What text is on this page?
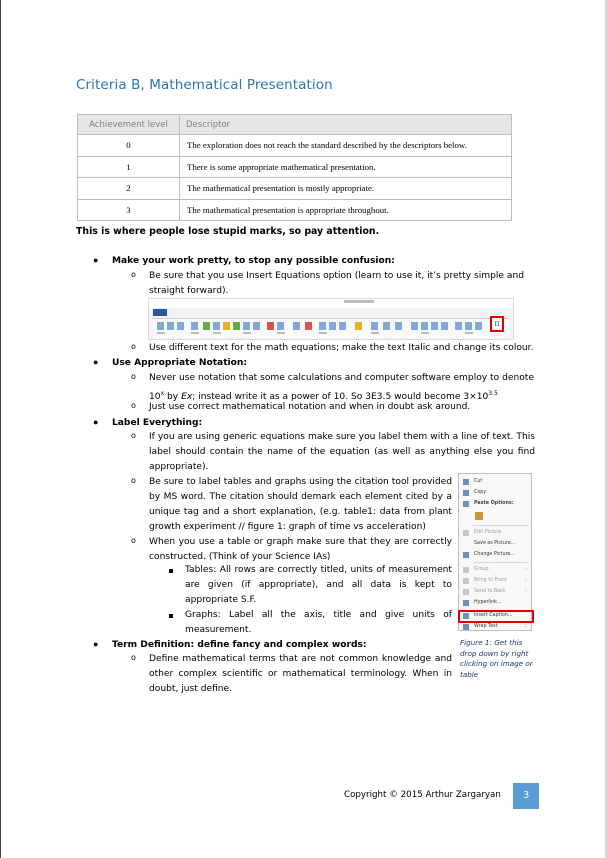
Criteria B, Mathematical Presentation
Achievement level	Descriptor
0	The exploration does not reach the standard described by the descriptors below.
1	There is some appropriate mathematical presentation.
2	The mathematical presentation is mostly appropriate.
3	The mathematical presentation is appropriate throughout.
This is where people lose stupid marks, so pay attention.
● Make your work pretty, to stop any possible confusion:
o Be sure that you use Insert Equations option (learn to use it, it’s pretty simple and straight forward).
π
o Use different text for the math equations; make the text Italic and change its colour.
● Use Appropriate Notation:
o Never use notation that some calculations and computer software employ to denote 10$^x$ by Ex; instead write it as a power of 10. So 3E3.5 would become $3\times 10^{3.5}$
o Just use correct mathematical notation and when in doubt ask around.
● Label Everything:
o If you are using generic equations make sure you label them with a line of text. This label should contain the name of the equation (as well as anything else you find appropriate).
o Be sure to label tables and graphs using the citation tool provided by MS word. The citation should demark each element cited by a unique tag and a short explanation, (e.g. table1: data from plant growth experiment // figure 1: graph of time vs acceleration)
o When you use a table or graph make sure that they are correctly constructed. (Think of your Science IAs)
Tables: All rows are correctly titled, units of measurement are given (if appropriate), and all data is kept to appropriate S.F.
Graphs: Label all the axis, title and give units of measurement.
Cut
Copy
Paste Options:
Edit Picture
Save as Picture...
Change Picture...
Group	›
Bring to Front	›
Send to Back	›
Hyperlink...
Insert Caption...
Wrap Text	›
Figure 1: Get this drop down by right clicking on image or table
● Term Definition: define fancy and complex words:
o Define mathematical terms that are not common knowledge and other complex scientific or mathematical terminology. When in doubt, just define.
Copyright © 2015 Arthur Zargaryan	3
